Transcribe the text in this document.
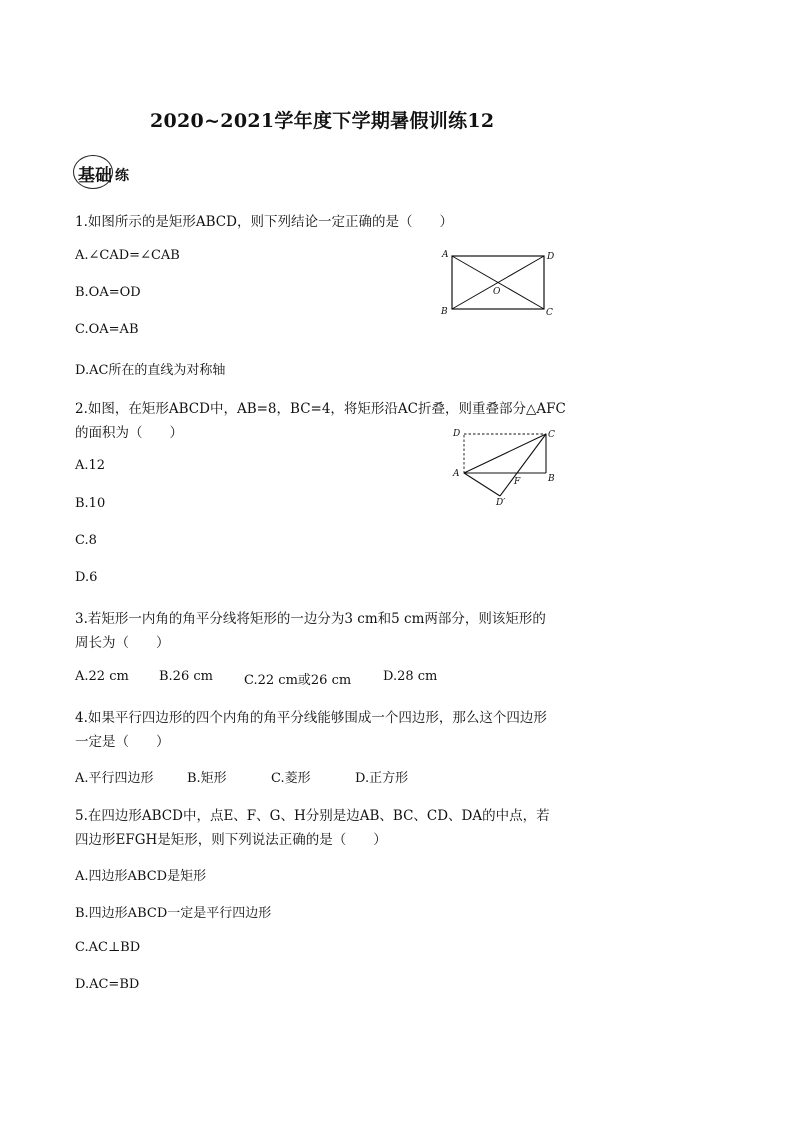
2020~2021学年度下学期暑假训练12
基础 练
1.如图所示的是矩形ABCD，则下列结论一定正确的是（　　）
A.∠CAD=∠CAB
B.OA=OD
C.OA=AB
D.AC所在的直线为对称轴
A	D
B	C
O
2.如图，在矩形ABCD中，AB=8，BC=4，将矩形沿AC折叠，则重叠部分△AFC
的面积为（　　）
A.12
B.10
C.8
D.6
D	C
A	B
F
D′
3.若矩形一内角的角平分线将矩形的一边分为3 cm和5 cm两部分，则该矩形的
周长为（　　）
A.22 cm B.26 cm C.22 cm或26 cm D.28 cm
4.如果平行四边形的四个内角的角平分线能够围成一个四边形，那么这个四边形
一定是（　　）
A.平行四边形	B.矩形	C.菱形	D.正方形
5.在四边形ABCD中，点E、F、G、H分别是边AB、BC、CD、DA的中点，若
四边形EFGH是矩形，则下列说法正确的是（　　）
A.四边形ABCD是矩形
B.四边形ABCD一定是平行四边形
C.AC⊥BD
D.AC=BD
